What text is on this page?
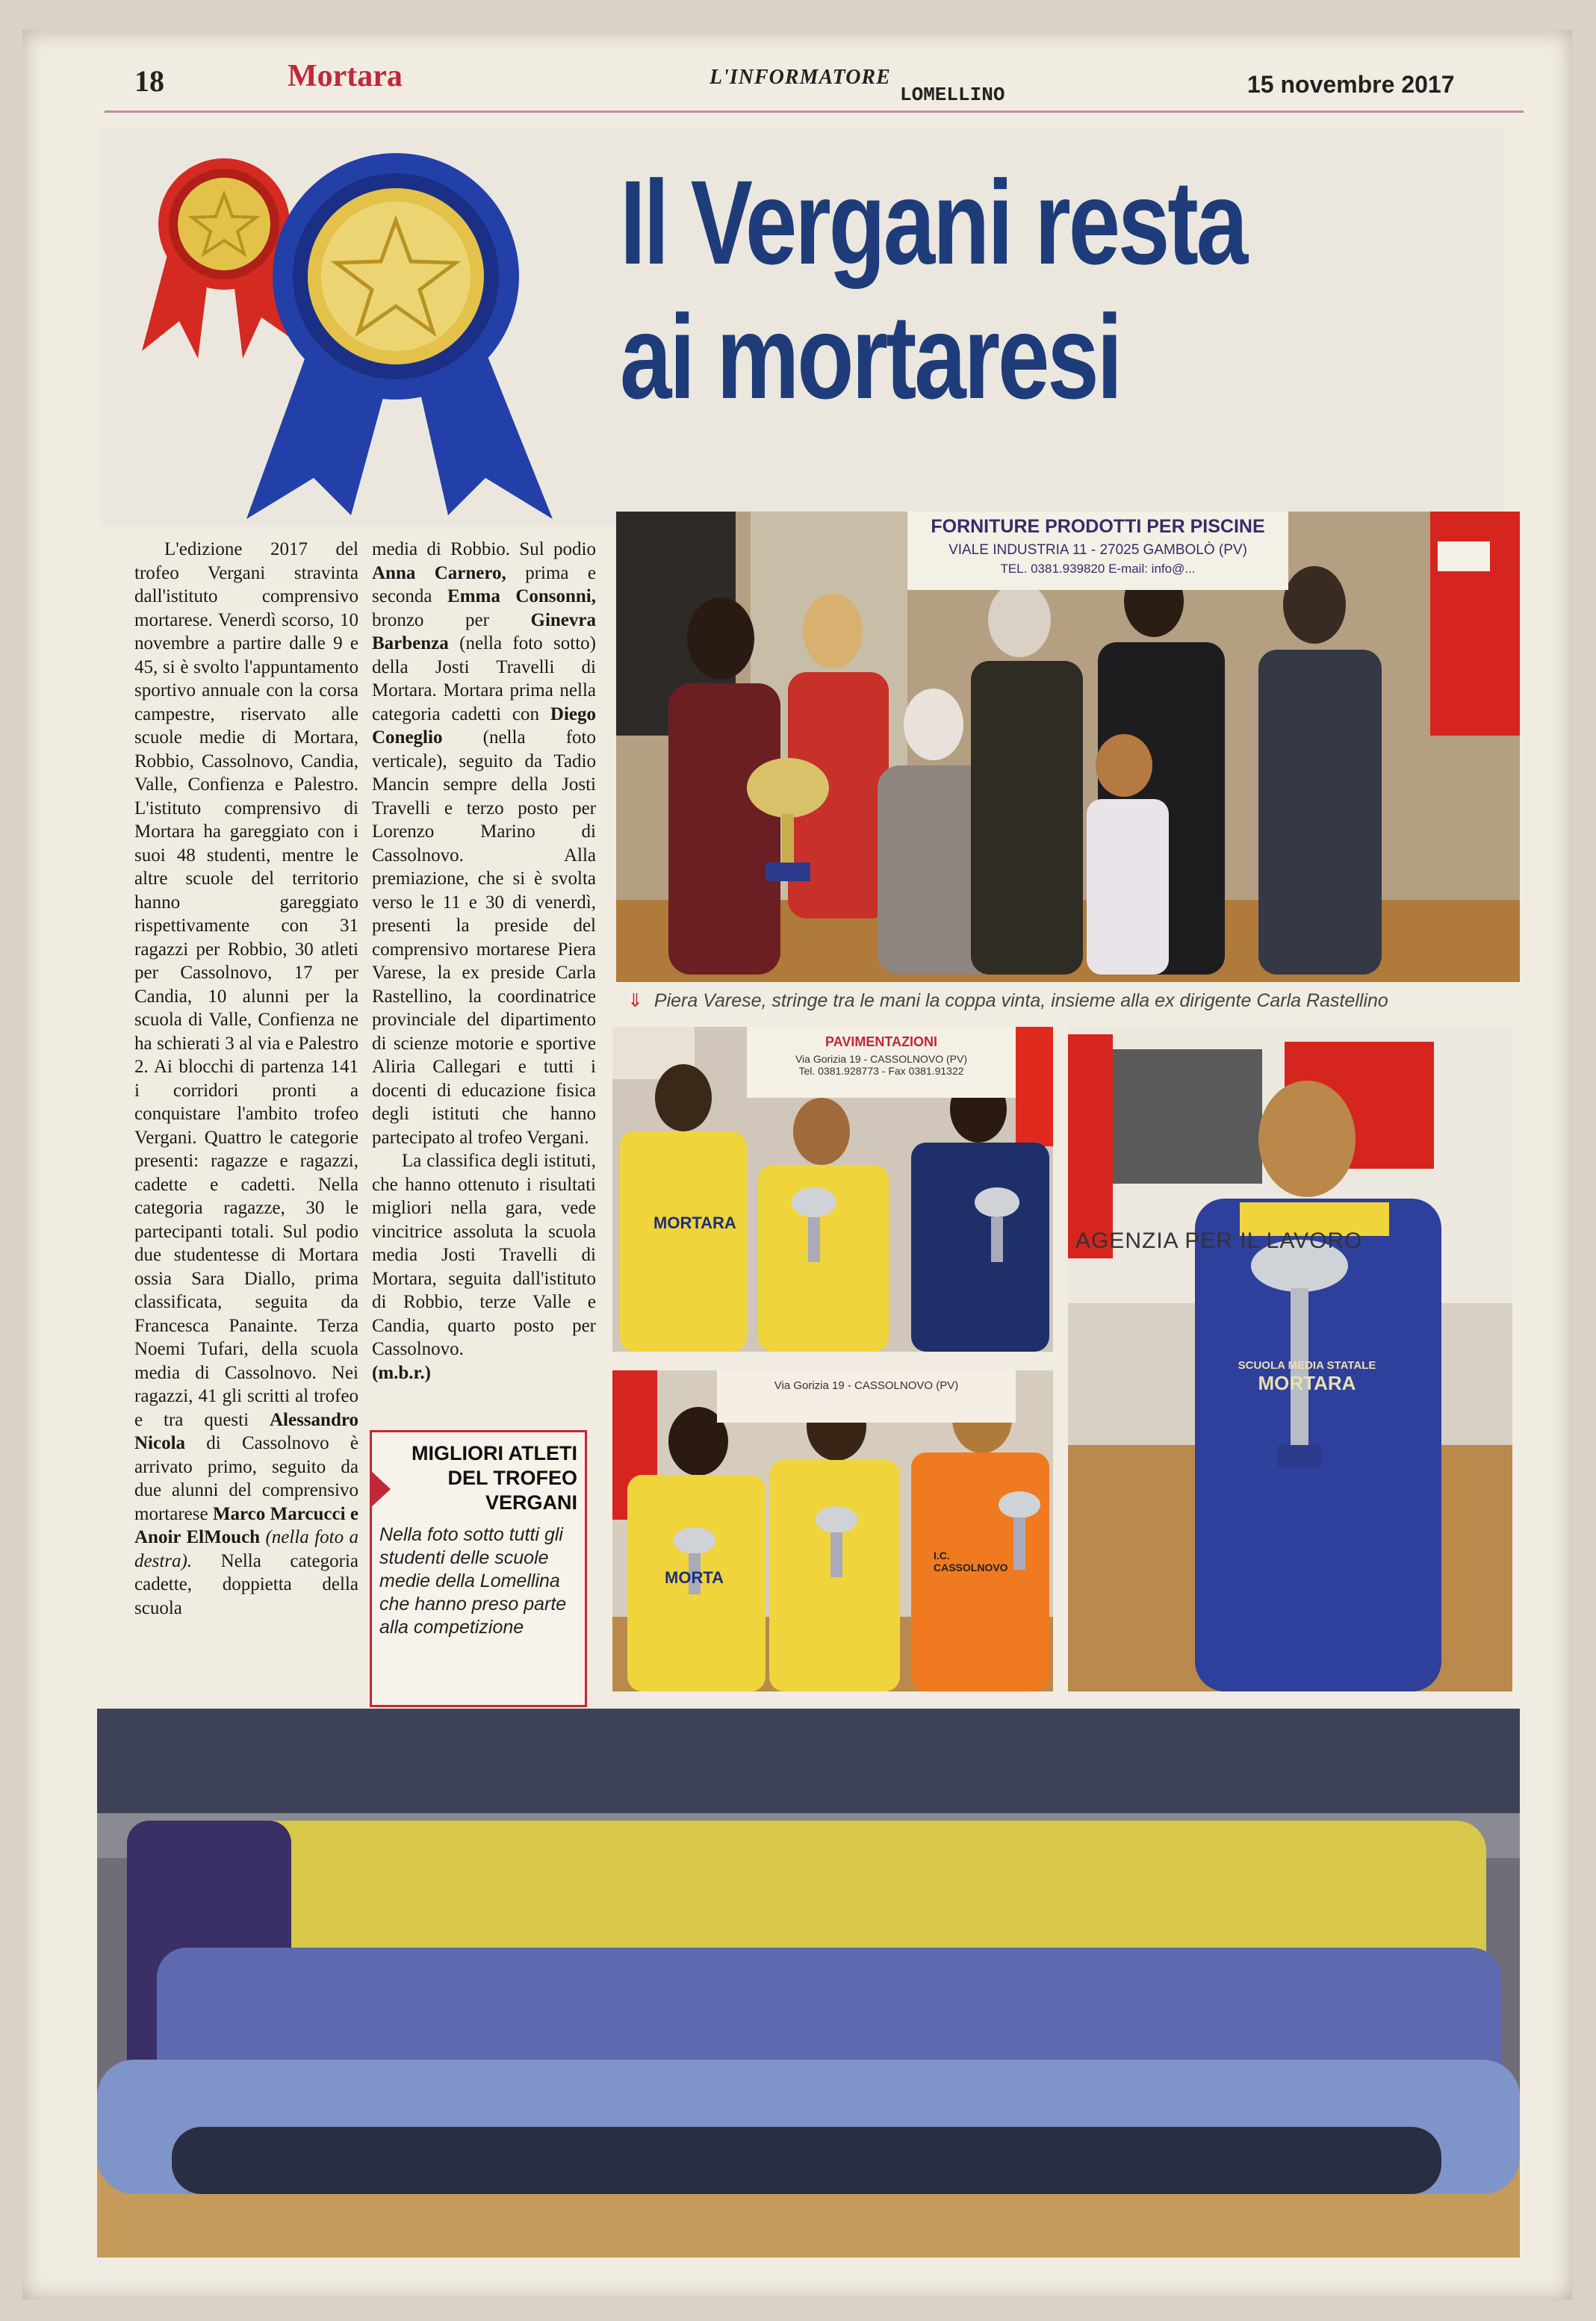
18	Mortara	L'INFORMATORE
LOMELLINO	15 novembre 2017
Il Vergani resta
ai mortaresi
L'edizione 2017 del trofeo Vergani stravinta dall'istituto comprensivo mortarese. Venerdì scorso, 10 novembre a partire dalle 9 e 45, si è svolto l'appuntamento sportivo annuale con la corsa campestre, riservato alle scuole medie di Mortara, Robbio, Cassolnovo, Candia, Valle, Confienza e Palestro. L'istituto comprensivo di Mortara ha gareggiato con i suoi 48 studenti, mentre le altre scuole del territorio hanno gareggiato rispettivamente con 31 ragazzi per Robbio, 30 atleti per Cassolnovo, 17 per Candia, 10 alunni per la scuola di Valle, Confienza ne ha schierati 3 al via e Palestro 2. Ai blocchi di partenza 141 i corridori pronti a conquistare l'ambito trofeo Vergani. Quattro le categorie presenti: ragazze e ragazzi, cadette e cadetti. Nella categoria ragazze, 30 le partecipanti totali. Sul podio due studentesse di Mortara ossia Sara Diallo, prima classificata, seguita da Francesca Panainte. Terza Noemi Tufari, della scuola media di Cassolnovo. Nei ragazzi, 41 gli scritti al trofeo e tra questi Alessandro Nicola di Cassolnovo è arrivato primo, seguito da due alunni del comprensivo mortarese Marco Marcucci e Anoir ElMouch (nella foto a destra). Nella categoria cadette, doppietta della scuola
media di Robbio. Sul podio Anna Carnero, prima e seconda Emma Consonni, bronzo per Ginevra Barbenza (nella foto sotto) della Josti Travelli di Mortara. Mortara prima nella categoria cadetti con Diego Coneglio (nella foto verticale), seguito da Tadio Mancin sempre della Josti Travelli e terzo posto per Lorenzo Marino di Cassolnovo. Alla premiazione, che si è svolta verso le 11 e 30 di venerdì, presenti la preside del comprensivo mortarese Piera Varese, la ex preside Carla Rastellino, la coordinatrice provinciale del dipartimento di scienze motorie e sportive Aliria Callegari e tutti i docenti di educazione fisica degli istituti che hanno partecipato al trofeo Vergani.
La classifica degli istituti, che hanno ottenuto i risultati migliori nella gara, vede vincitrice assoluta la scuola media Josti Travelli di Mortara, seguita dall'istituto di Robbio, terze Valle e Candia, quarto posto per Cassolnovo.
(m.b.r.)
FORNITURE PRODOTTI PER PISCINE
VIALE INDUSTRIA 11 - 27025 GAMBOLÒ (PV)
TEL. 0381.939820 E-mail: info@...
⇓ Piera Varese, stringe tra le mani la coppa vinta, insieme alla ex dirigente Carla Rastellino
PAVIMENTAZIONI
Via Gorizia 19 - CASSOLNOVO (PV)
Tel. 0381.928773 - Fax 0381.91322
MORTARA
Via Gorizia 19 - CASSOLNOVO (PV)
MORTA
I.C. CASSOLNOVO
AGENZIA PER IL LAVORO
SCUOLA MEDIA STATALE
MORTARA
MIGLIORI ATLETI DEL TROFEO VERGANI
Nella foto sotto tutti gli studenti delle scuole medie della Lomellina che hanno preso parte alla competizione
